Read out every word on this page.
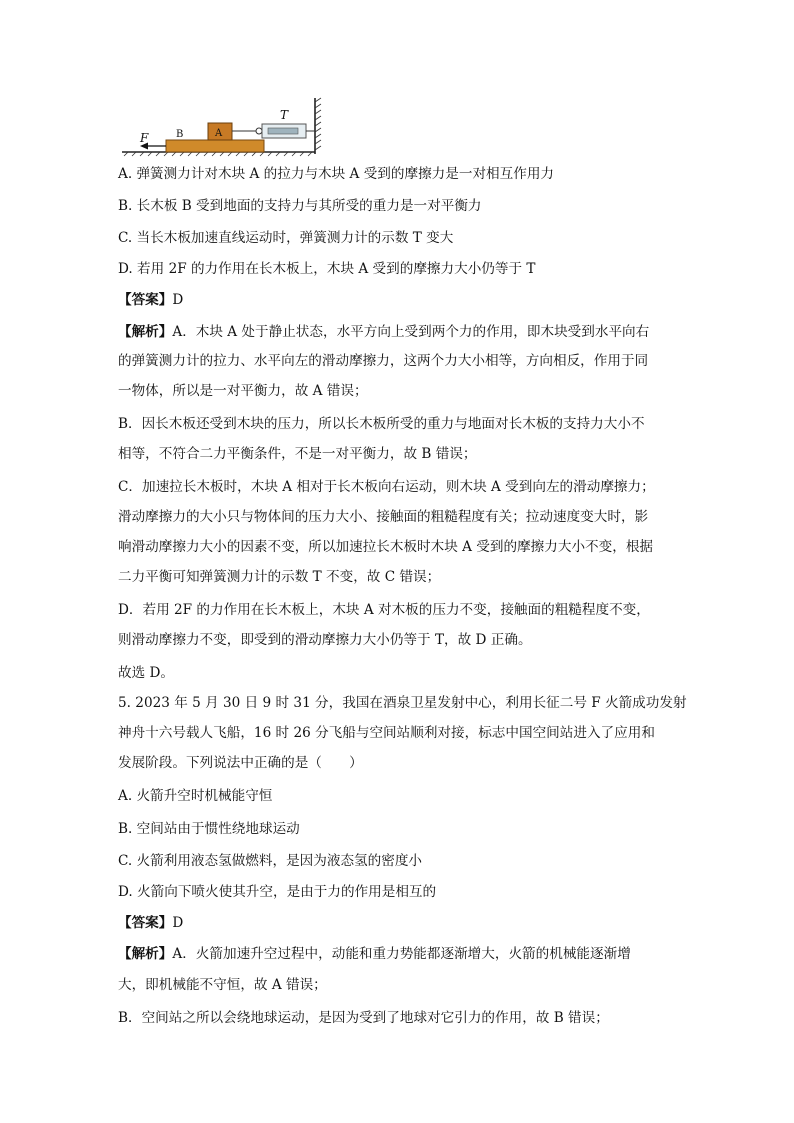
B	A
T
F
A. 弹簧测力计对木块 A 的拉力与木块 A 受到的摩擦力是一对相互作用力
B. 长木板 B 受到地面的支持力与其所受的重力是一对平衡力
C. 当长木板加速直线运动时，弹簧测力计的示数 T 变大
D. 若用 2F 的力作用在长木板上，木块 A 受到的摩擦力大小仍等于 T
【答案】D
【解析】A．木块 A 处于静止状态，水平方向上受到两个力的作用，即木块受到水平向右
的弹簧测力计的拉力、水平向左的滑动摩擦力，这两个力大小相等，方向相反，作用于同
一物体，所以是一对平衡力，故 A 错误；
B．因长木板还受到木块的压力，所以长木板所受的重力与地面对长木板的支持力大小不
相等，不符合二力平衡条件，不是一对平衡力，故 B 错误；
C．加速拉长木板时，木块 A 相对于长木板向右运动，则木块 A 受到向左的滑动摩擦力；
滑动摩擦力的大小只与物体间的压力大小、接触面的粗糙程度有关；拉动速度变大时，影
响滑动摩擦力大小的因素不变，所以加速拉长木板时木块 A 受到的摩擦力大小不变，根据
二力平衡可知弹簧测力计的示数 T 不变，故 C 错误；
D．若用 2F 的力作用在长木板上，木块 A 对木板的压力不变，接触面的粗糙程度不变，
则滑动摩擦力不变，即受到的滑动摩擦力大小仍等于 T，故 D 正确。
故选 D。
5. 2023 年 5 月 30 日 9 时 31 分，我国在酒泉卫星发射中心，利用长征二号 F 火箭成功发射
神舟十六号载人飞船，16 时 26 分飞船与空间站顺利对接，标志中国空间站进入了应用和
发展阶段。下列说法中正确的是（　　）
A. 火箭升空时机械能守恒
B. 空间站由于惯性绕地球运动
C. 火箭利用液态氢做燃料，是因为液态氢的密度小
D. 火箭向下喷火使其升空，是由于力的作用是相互的
【答案】D
【解析】A．火箭加速升空过程中，动能和重力势能都逐渐增大，火箭的机械能逐渐增
大，即机械能不守恒，故 A 错误；
B．空间站之所以会绕地球运动，是因为受到了地球对它引力的作用，故 B 错误；
